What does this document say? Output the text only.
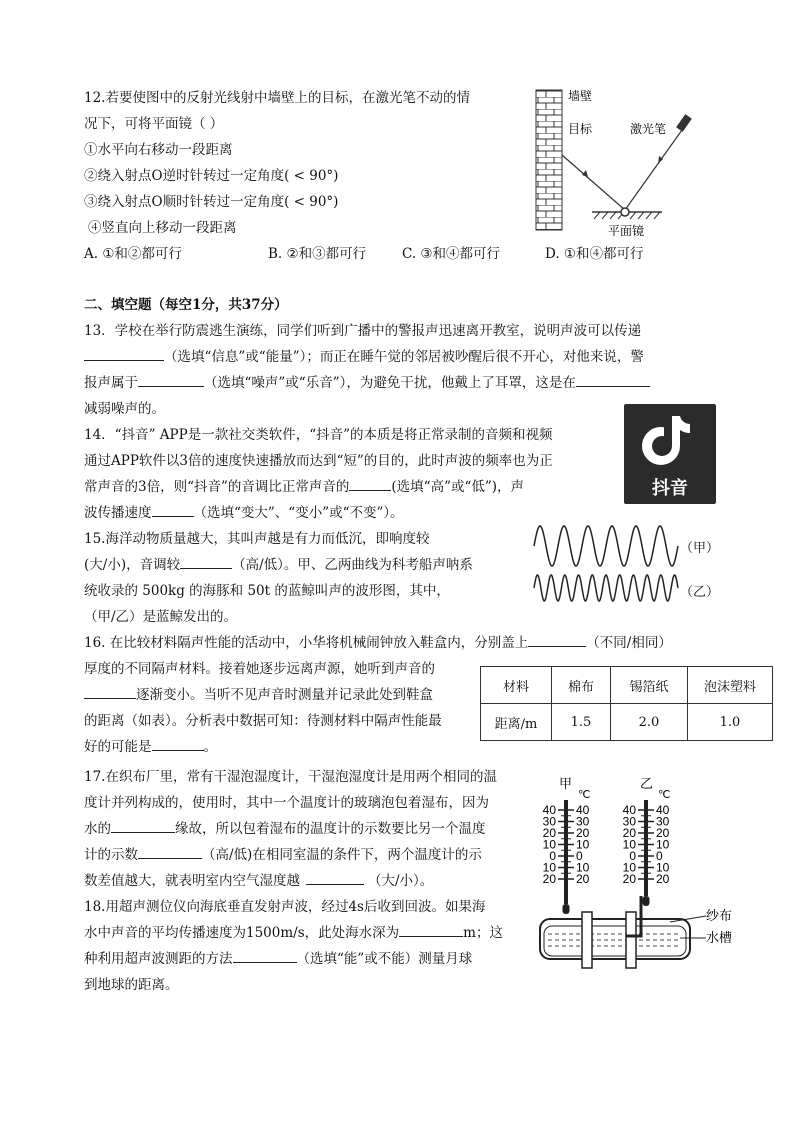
12.若要使图中的反射光线射中墙壁上的目标，在激光笔不动的情
况下，可将平面镜（ ）
①水平向右移动一段距离
②绕入射点O逆时针转过一定角度( < 90°)
③绕入射点O顺时针转过一定角度( < 90°)
④竖直向上移动一段距离
A. ①和②都可行	B. ②和③都可行	C. ③和④都可行	D. ①和④都可行
墙壁
目标	激光笔
平面镜
二、填空题（每空1分，共37分）
13．学校在举行防震逃生演练，同学们听到广播中的警报声迅速离开教室，说明声波可以传递
（选填“信息”或“能量”）；而正在睡午觉的邻居被吵醒后很不开心，对他来说，警
报声属于	（选填“噪声”或“乐音”），为避免干扰，他戴上了耳罩，这是在
减弱噪声的。
14．“抖音” APP是一款社交类软件，“抖音”的本质是将正常录制的音频和视频
通过APP软件以3倍的速度快速播放而达到“短”的目的，此时声波的频率也为正
常声音的3倍，则“抖音”的音调比正常声音的	(选填“高”或“低”)，声
波传播速度	（选填“变大”、“变小”或“不变”）。
抖音
15.海洋动物质量越大，其叫声越是有力而低沉，即响度较
(大/小)，音调较	（高/低）。甲、乙两曲线为科考船声呐系
统收录的 500kg 的海豚和 50t 的蓝鲸叫声的波形图，其中，
（甲/乙）是蓝鲸发出的。
（甲）
（乙）
16. 在比较材料隔声性能的活动中，小华将机械闹钟放入鞋盒内，分别盖上	（不同/相同）
厚度的不同隔声材料。接着她逐步远离声源，她听到声音的
逐渐变小。当听不见声音时测量并记录此处到鞋盒
的距离（如表）。分析表中数据可知：待测材料中隔声性能最
好的可能是	。
材料	棉布	锡箔纸	泡沫塑料
距离/m	1.5	2.0	1.0
17.在织布厂里，常有干湿泡湿度计，干湿泡湿度计是用两个相同的温
度计并列构成的，使用时，其中一个温度计的玻璃泡包着湿布，因为
水的	缘故，所以包着湿布的温度计的示数要比另一个温度
计的示数	（高/低)在相同室温的条件下，两个温度计的示
数差值越大，就表明室内空气湿度越	（大/小）。
甲
℃
乙
℃
40 40
30 30
20 20
10 10
0 0
10 10
20 20
40 40
30 30
20 20
10 10
0 0
10 10
20 20
纱布
水槽
18.用超声测位仪向海底垂直发射声波，经过4s后收到回波。如果海
水中声音的平均传播速度为1500m/s，此处海水深为	m；这
种利用超声波测距的方法	（选填“能”或不能）测量月球
到地球的距离。
